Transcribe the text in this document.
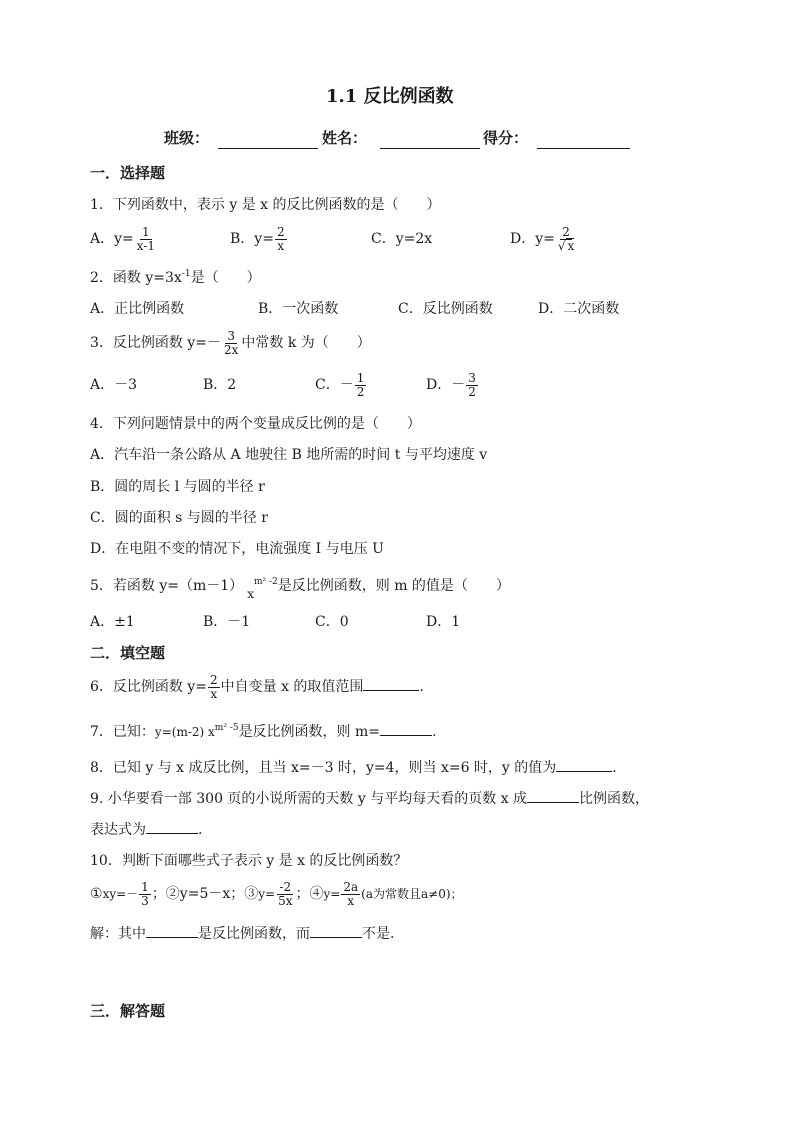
1.1 反比例函数
班级：	姓名：	得分：
一．选择题
1．下列函数中，表示 y 是 x 的反比例函数的是（　　）
A．$y= \frac{1}{x-1}$	B．$y= \frac{2}{x}$	C．y=2x	D．$y= \frac{2}{√ x}$
2．函数 $y=3x^{-1}$是（　　）
A．正比例函数	B．一次函数	C．反比例函数	D．二次函数
3．反比例函数 $y=- \frac{3}{2x}$ 中常数 k 为（　　）
A．－3	B．2	C．－ $\frac{1}{2}$	D．－ $\frac{3}{2}$
4．下列问题情景中的两个变量成反比例的是（　　）
A．汽车沿一条公路从 A 地驶往 B 地所需的时间 t 与平均速度 v
B．圆的周长 l 与圆的半径 r
C．圆的面积 s 与圆的半径 r
D．在电阻不变的情况下，电流强度 I 与电压 U
5．若函数 y=（m－1） $x^{m^2 -2}$是反比例函数，则 m 的值是（　　）
A．±1	B．－1	C．0	D．1
二．填空题
6．反比例函数 $y= \frac{2}{x}$ 中自变量 x 的取值范围	.
7．已知：y=(m-2) $x^{m^2 -5}$是反比例函数，则 m=	.
8．已知 y 与 x 成反比例，且当 x=－3 时，y=4，则当 x=6 时，y 的值为	.
9. 小华要看一部 300 页的小说所需的天数 y 与平均每天看的页数 x 成	比例函数，
表达式为	.
10．判断下面哪些式子表示 y 是 x 的反比例函数？
①xy=－ $\frac{1}{3}$ ；②y=5－x；③y= $\frac{-2}{5x}$ ；④y= $\frac{2a}{x} (a$为常数且a≠0)；
解：其中	是反比例函数，而	不是.
三．解答题
